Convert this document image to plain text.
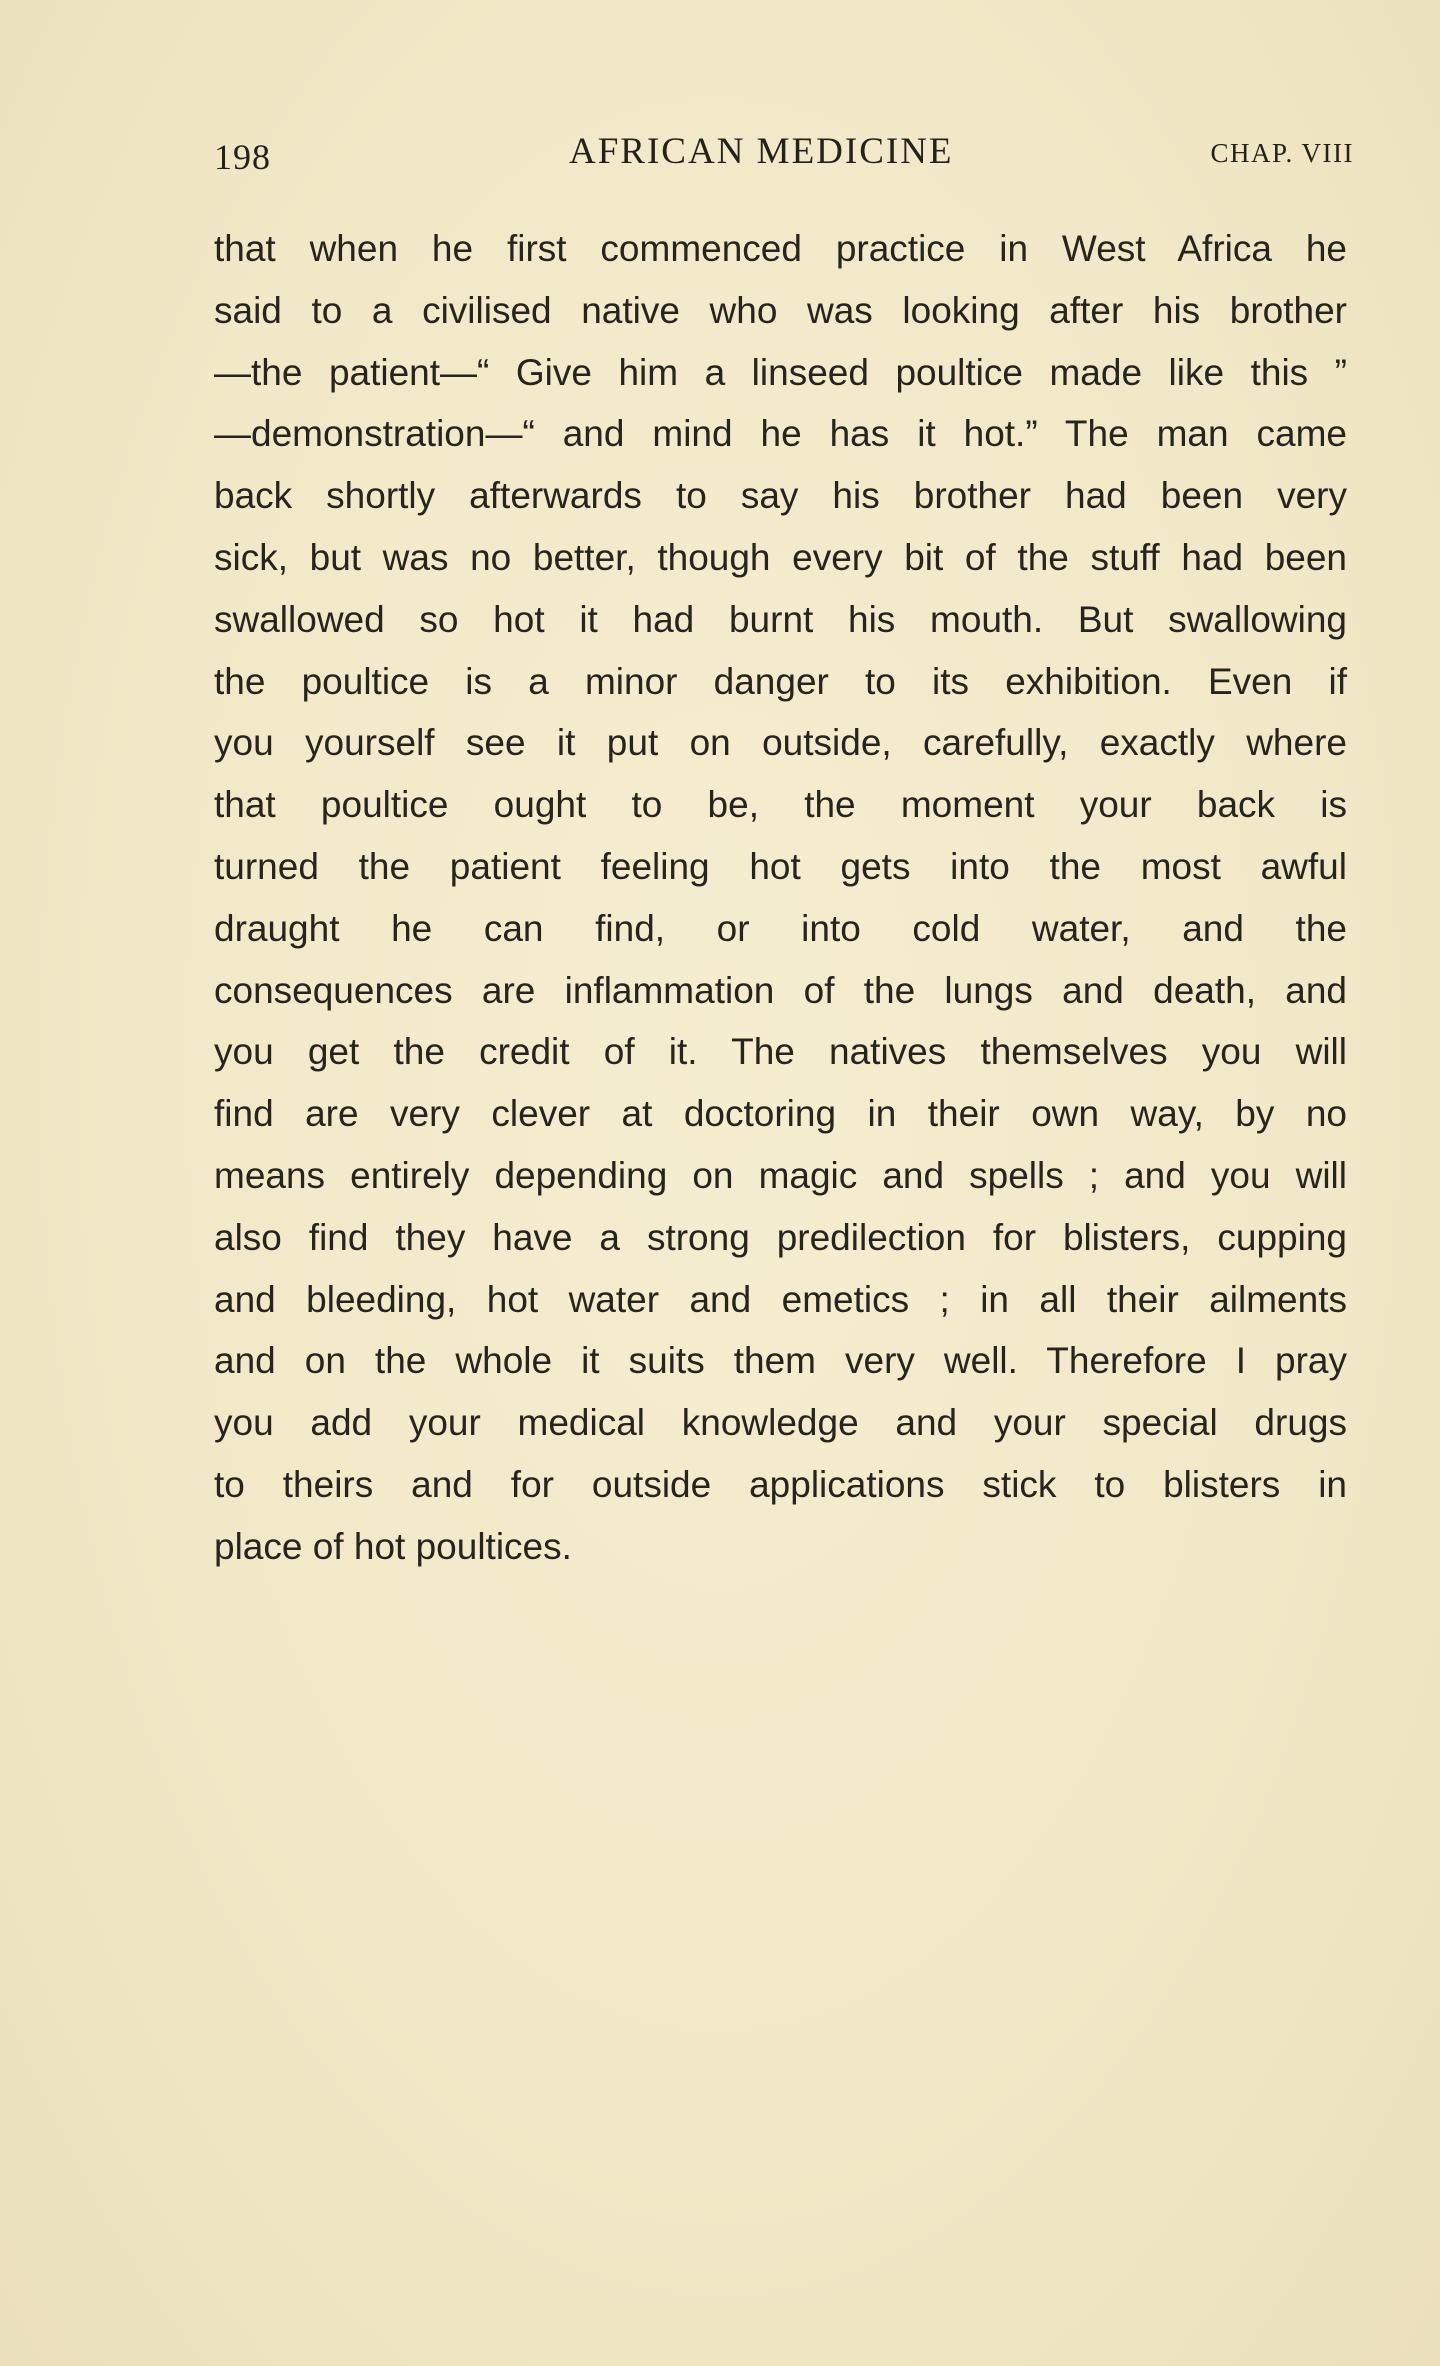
198	AFRICAN MEDICINE	CHAP. VIII
that when he first commenced practice in West Africa he
said to a civilised native who was looking after his brother
—the patient—“ Give him a linseed poultice made like this ”
—demonstration—“ and mind he has it hot.” The man came
back shortly afterwards to say his brother had been very
sick, but was no better, though every bit of the stuff had been
swallowed so hot it had burnt his mouth. But swallowing
the poultice is a minor danger to its exhibition. Even if
you yourself see it put on outside, carefully, exactly where
that poultice ought to be, the moment your back is
turned the patient feeling hot gets into the most awful
draught he can find, or into cold water, and the
consequences are inflammation of the lungs and death, and
you get the credit of it. The natives themselves you will
find are very clever at doctoring in their own way, by no
means entirely depending on magic and spells ; and you will
also find they have a strong predilection for blisters, cupping
and bleeding, hot water and emetics ; in all their ailments
and on the whole it suits them very well. Therefore I pray
you add your medical knowledge and your special drugs
to theirs and for outside applications stick to blisters in
place of hot poultices.
